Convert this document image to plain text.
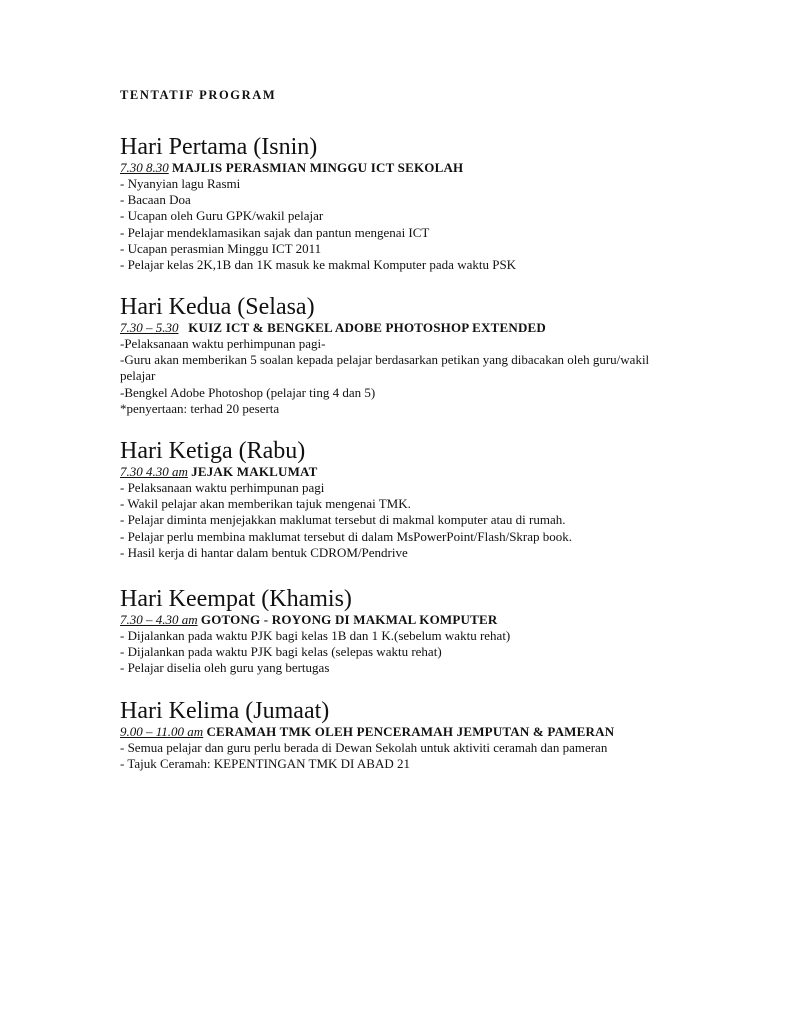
TENTATIF PROGRAM
Hari Pertama (Isnin)
7.30 8.30 MAJLIS PERASMIAN MINGGU ICT SEKOLAH
- Nyanyian lagu Rasmi
- Bacaan Doa
- Ucapan oleh Guru GPK/wakil pelajar
- Pelajar mendeklamasikan sajak dan pantun mengenai ICT
- Ucapan perasmian Minggu ICT 2011
- Pelajar kelas 2K,1B dan 1K masuk ke makmal Komputer pada waktu PSK
Hari Kedua (Selasa)
7.30 – 5.30 KUIZ ICT & BENGKEL ADOBE PHOTOSHOP EXTENDED
-Pelaksanaan waktu perhimpunan pagi-
-Guru akan memberikan 5 soalan kepada pelajar berdasarkan petikan yang dibacakan oleh guru/wakil pelajar
-Bengkel Adobe Photoshop (pelajar ting 4 dan 5)
*penyertaan: terhad 20 peserta
Hari Ketiga (Rabu)
7.30 4.30 am JEJAK MAKLUMAT
- Pelaksanaan waktu perhimpunan pagi
- Wakil pelajar akan memberikan tajuk mengenai TMK.
- Pelajar diminta menjejakkan maklumat tersebut di makmal komputer atau di rumah.
- Pelajar perlu membina maklumat tersebut di dalam MsPowerPoint/Flash/Skrap book.
- Hasil kerja di hantar dalam bentuk CDROM/Pendrive
Hari Keempat (Khamis)
7.30 – 4.30 am GOTONG - ROYONG DI MAKMAL KOMPUTER
- Dijalankan pada waktu PJK bagi kelas 1B dan 1 K.(sebelum waktu rehat)
- Dijalankan pada waktu PJK bagi kelas (selepas waktu rehat)
- Pelajar diselia oleh guru yang bertugas
Hari Kelima (Jumaat)
9.00 – 11.00 am CERAMAH TMK OLEH PENCERAMAH JEMPUTAN & PAMERAN
- Semua pelajar dan guru perlu berada di Dewan Sekolah untuk aktiviti ceramah dan pameran
- Tajuk Ceramah: KEPENTINGAN TMK DI ABAD 21
